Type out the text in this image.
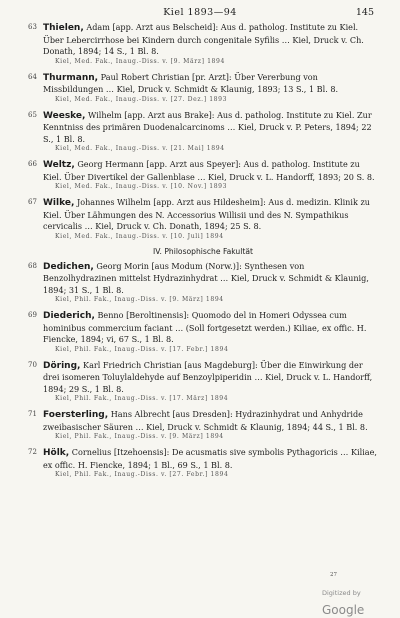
Kiel 1893—94	145
63 Thielen, Adam [app. Arzt aus Belscheid]: Aus d. patholog. Institute zu Kiel. Über Lebercirrhose bei Kindern durch congenitale Syfilis … Kiel, Druck v. Ch. Donath, 1894; 14 S., 1 Bl. 8.
Kiel, Med. Fak., Inaug.-Diss. v. [9. März] 1894
64 Thurmann, Paul Robert Christian [pr. Arzt]: Über Vererbung von Missbildungen … Kiel, Druck v. Schmidt & Klaunig, 1893; 13 S., 1 Bl. 8.
Kiel, Med. Fak., Inaug.-Diss. v. [27. Dez.] 1893
65 Weeske, Wilhelm [app. Arzt aus Brake]: Aus d. patholog. Institute zu Kiel. Zur Kenntniss des primären Duodenalcarcinoms … Kiel, Druck v. P. Peters, 1894; 22 S., 1 Bl. 8.
Kiel, Med. Fak., Inaug.-Diss. v. [21. Mai] 1894
66 Weltz, Georg Hermann [app. Arzt aus Speyer]: Aus d. patholog. Institute zu Kiel. Über Divertikel der Gallenblase … Kiel, Druck v. L. Handorff, 1893; 20 S. 8.
Kiel, Med. Fak., Inaug.-Diss. v. [10. Nov.] 1893
67 Wilke, Johannes Wilhelm [app. Arzt aus Hildesheim]: Aus d. medizin. Klinik zu Kiel. Über Lähmungen des N. Accessorius Willisii und des N. Sympathikus cervicalis … Kiel, Druck v. Ch. Donath, 1894; 25 S. 8.
Kiel, Med. Fak., Inaug.-Diss. v. [10. Juli] 1894
IV. Philosophische Fakultät
68 Dedichen, Georg Morin [aus Modum (Norw.)]: Synthesen von Benzolhydrazinen mittelst Hydrazinhydrat … Kiel, Druck v. Schmidt & Klaunig, 1894; 31 S., 1 Bl. 8.
Kiel, Phil. Fak., Inaug.-Diss. v. [9. März] 1894
69 Diederich, Benno [Beroltinensis]: Quomodo del in Homeri Odyssea cum hominibus commercium faciant … (Soll fortgesetzt werden.) Kiliae, ex offic. H. Fiencke, 1894; vi, 67 S., 1 Bl. 8.
Kiel, Phil. Fak., Inaug.-Diss. v. [17. Febr.] 1894
70 Döring, Karl Friedrich Christian [aus Magdeburg]: Über die Einwirkung der drei isomeren Toluylaldehyde auf Benzoylpiperidin … Kiel, Druck v. L. Handorff, 1894; 29 S., 1 Bl. 8.
Kiel, Phil. Fak., Inaug.-Diss. v. [17. März] 1894
71 Foersterling, Hans Albrecht [aus Dresden]: Hydrazinhydrat und Anhydride zweibasischer Säuren … Kiel, Druck v. Schmidt & Klaunig, 1894; 44 S., 1 Bl. 8.
Kiel, Phil. Fak., Inaug.-Diss. v. [9. März] 1894
72 Hölk, Cornelius [Itzehoensis]: De acusmatis sive symbolis Pythagoricis … Kiliae, ex offic. H. Fiencke, 1894; 1 Bl., 69 S., 1 Bl. 8.
Kiel, Phil. Fak., Inaug.-Diss. v. [27. Febr.] 1894
27
Digitized by Google
